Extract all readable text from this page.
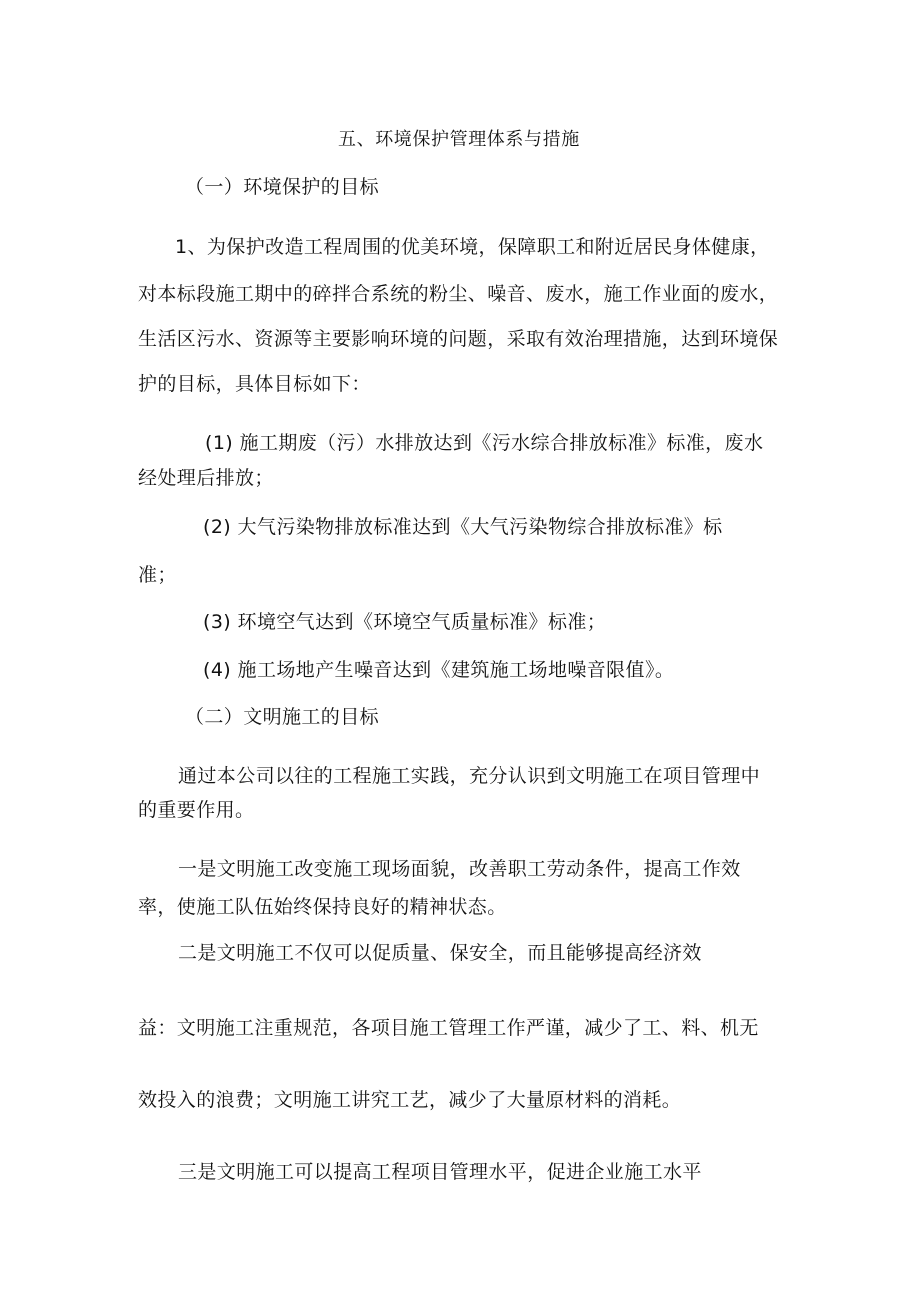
五、环境保护管理体系与措施
（一）环境保护的目标
1、为保护改造工程周围的优美环境，保障职工和附近居民身体健康，
对本标段施工期中的碎拌合系统的粉尘、噪音、废水，施工作业面的废水，
生活区污水、资源等主要影响环境的问题，采取有效治理措施，达到环境保
护的目标，具体目标如下：
(1) 施工期废（污）水排放达到《污水综合排放标准》标准，废水
经处理后排放；
(2) 大气污染物排放标准达到《大气污染物综合排放标准》标
准；
(3) 环境空气达到《环境空气质量标准》标准；
(4) 施工场地产生噪音达到《建筑施工场地噪音限值》。
（二）文明施工的目标
通过本公司以往的工程施工实践，充分认识到文明施工在项目管理中
的重要作用。
一是文明施工改变施工现场面貌，改善职工劳动条件，提高工作效
率，使施工队伍始终保持良好的精神状态。
二是文明施工不仅可以促质量、保安全，而且能够提高经济效
益：文明施工注重规范，各项目施工管理工作严谨，减少了工、料、机无
效投入的浪费；文明施工讲究工艺，减少了大量原材料的消耗。
三是文明施工可以提高工程项目管理水平，促进企业施工水平
